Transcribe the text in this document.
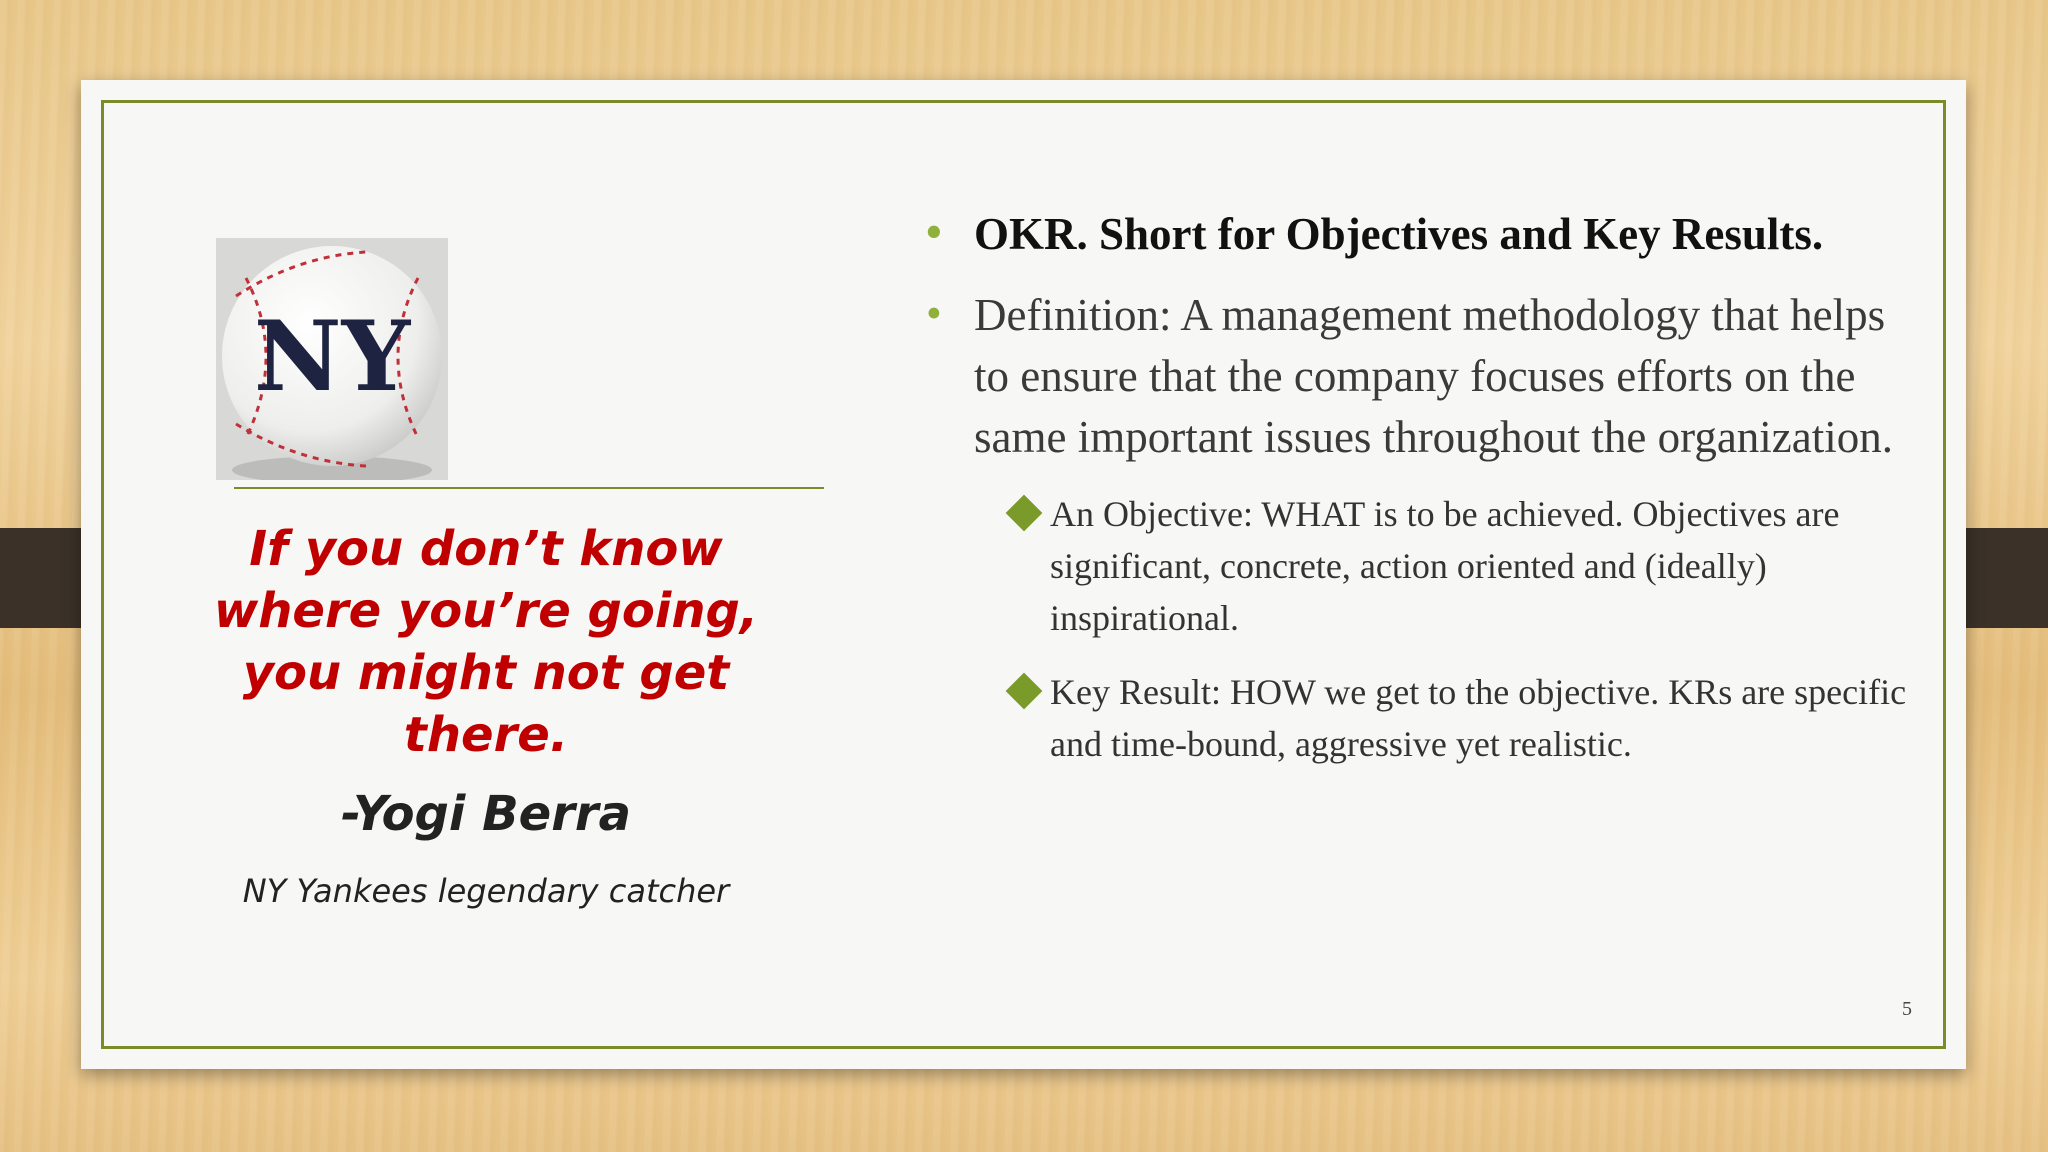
NY
If you don’t know where you’re going, you might not get there.
-Yogi Berra
NY Yankees legendary catcher
• OKR. Short for Objectives and Key Results.
• Definition: A management methodology that helps to ensure that the company focuses efforts on the same important issues throughout the organization.
An Objective: WHAT is to be achieved. Objectives are significant, concrete, action oriented and (ideally) inspirational.
Key Result: HOW we get to the objective. KRs are specific and time-bound, aggressive yet realistic.
5
